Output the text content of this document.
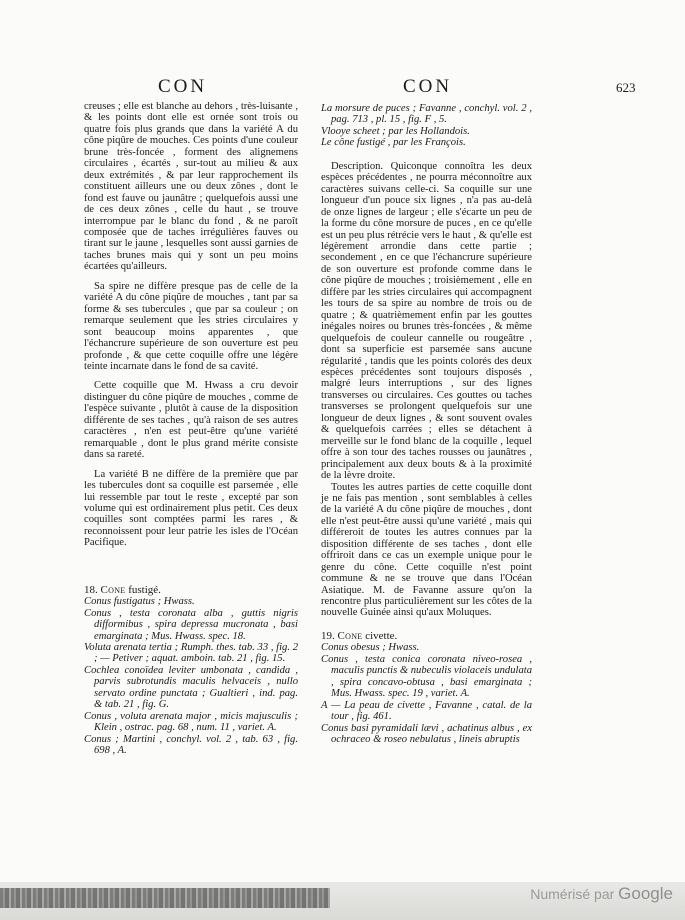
CON	CON	623

creuses ; elle est blanche au dehors , très-luisante , & les points dont elle est ornée sont trois ou quatre fois plus grands que dans la variété A du cône piqûre de mouches. Ces points d'une couleur brune très-foncée , forment des alignemens circulaires , écartés , sur-tout au milieu & aux deux extrémités , & par leur rapprochement ils constituent ailleurs une ou deux zônes , dont le fond est fauve ou jaunâtre ; quelquefois aussi une de ces deux zônes , celle du haut , se trouve interrompue par le blanc du fond , & ne paroît composée que de taches irrégulières fauves ou tirant sur le jaune , lesquelles sont aussi garnies de taches brunes mais qui y sont un peu moins écartées qu'ailleurs.

Sa spire ne diffère presque pas de celle de la variété A du cône piqûre de mouches , tant par sa forme & ses tubercules , que par sa couleur ; on remarque seulement que les stries circulaires y sont beaucoup moins apparentes , que l'échancrure supérieure de son ouverture est peu profonde , & que cette coquille offre une légère teinte incarnate dans le fond de sa cavité.

Cette coquille que M. Hwass a cru devoir distinguer du cône piqûre de mouches , comme de l'espèce suivante , plutôt à cause de la disposition différente de ses taches , qu'à raison de ses autres caractères , n'en est peut-être qu'une variété remarquable , dont le plus grand mérite consiste dans sa rareté.

La variété B ne diffère de la première que par les tubercules dont sa coquille est parsemée , elle lui ressemble par tout le reste , excepté par son volume qui est ordinairement plus petit. Ces deux coquilles sont comptées parmi les rares , & reconnoissent pour leur patrie les isles de l'Océan Pacifique.

18. Cone fustigé.

Conus fustigatus ; Hwass.

Conus , testa coronata alba , guttis nigris difformibus , spira depressa mucronata , basi emarginata ; Mus. Hwass. spec. 18.

Voluta arenata tertia ; Rumph. thes. tab. 33 , fig. 2 ; — Petiver ; aquat. amboin. tab. 21 , fig. 15.

Cochlea conoïdea leviter umbonata , candida , parvis subrotundis maculis helvaceis , nullo servato ordine punctata ; Gualtieri , ind. pag. & tab. 21 , fig. G.

Conus , voluta arenata major , micis majusculis ; Klein , ostrac. pag. 68 , num. 11 , variet. A.

Conus ; Martini , conchyl. vol. 2 , tab. 63 , fig. 698 , A.

La morsure de puces ; Favanne , conchyl. vol. 2 , pag. 713 , pl. 15 , fig. F , 5.

Vlooye scheet ; par les Hollandois.

Le cône fustigé , par les François.

Description. Quiconque connoîtra les deux espèces précédentes , ne pourra méconnoître aux caractères suivans celle-ci. Sa coquille sur une longueur d'un pouce six lignes , n'a pas au-delà de onze lignes de largeur ; elle s'écarte un peu de la forme du cône morsure de puces , en ce qu'elle est un peu plus rétrécie vers le haut , & qu'elle est légèrement arrondie dans cette partie ; secondement , en ce que l'échancrure supérieure de son ouverture est profonde comme dans le cône piqûre de mouches ; troisièmement , elle en diffère par les stries circulaires qui accompagnent les tours de sa spire au nombre de trois ou de quatre ; & quatrièmement enfin par les gouttes inégales noires ou brunes très-foncées , & même quelquefois de couleur cannelle ou rougeâtre , dont sa superficie est parsemée sans aucune régularité , tandis que les points colorés des deux espèces précédentes sont toujours disposés , malgré leurs interruptions , sur des lignes transverses ou circulaires. Ces gouttes ou taches transverses se prolongent quelquefois sur une longueur de deux lignes , & sont souvent ovales & quelquefois carrées ; elles se détachent à merveille sur le fond blanc de la coquille , lequel offre à son tour des taches rousses ou jaunâtres , principalement aux deux bouts & à la proximité de la lèvre droite.

Toutes les autres parties de cette coquille dont je ne fais pas mention , sont semblables à celles de la variété A du cône piqûre de mouches , dont elle n'est peut-être aussi qu'une variété , mais qui différeroit de toutes les autres connues par la disposition différente de ses taches , dont elle offriroit dans ce cas un exemple unique pour le genre du cône. Cette coquille n'est point commune & ne se trouve que dans l'Océan Asiatique. M. de Favanne assure qu'on la rencontre plus particulièrement sur les côtes de la nouvelle Guinée ainsi qu'aux Moluques.

19. Cone civette.

Conus obesus ; Hwass.

Conus , testa conica coronata niveo-rosea , maculis punctis & nubeculis violaceis undulata , spira concavo-obtusa , basi emarginata ; Mus. Hwass. spec. 19 , variet. A.

A — La peau de civette , Favanne , catal. de la tour , fig. 461.

Conus basi pyramidali lævi , achatinus albus , ex ochraceo & roseo nebulatus , lineis abruptis

Numérisé par Google
